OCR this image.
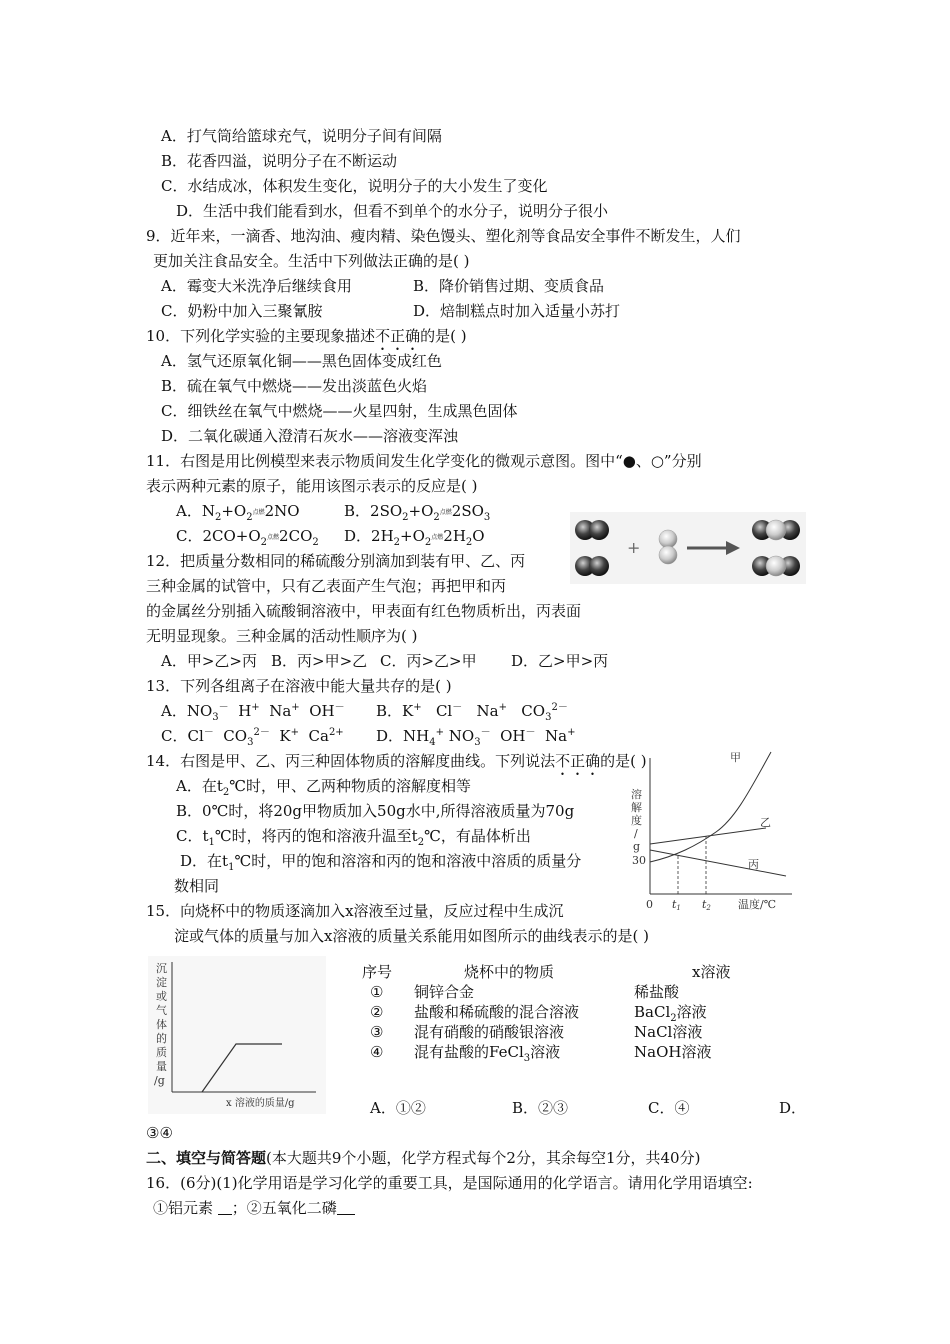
A．打气筒给篮球充气，说明分子间有间隔
B．花香四溢，说明分子在不断运动
C．水结成冰，体积发生变化，说明分子的大小发生了变化
D．生活中我们能看到水，但看不到单个的水分子，说明分子很小
9．近年来，一滴香、地沟油、瘦肉精、染色馒头、塑化剂等食品安全事件不断发生，人们
更加关注食品安全。生活中下列做法正确的是( )
A．霉变大米洗净后继续食用	B．降价销售过期、变质食品
C．奶粉中加入三聚氰胺	D．焙制糕点时加入适量小苏打
10．下列化学实验的主要现象描述不正确的是( )
A．氢气还原氧化铜——黑色固体变成红色
B．硫在氧气中燃烧——发出淡蓝色火焰
C．细铁丝在氧气中燃烧——火星四射，生成黑色固体
D．二氧化碳通入澄清石灰水——溶液变浑浊
11．右图是用比例模型来表示物质间发生化学变化的微观示意图。图中“●、○”分别
表示两种元素的原子，能用该图示表示的反应是( )
A．$N_2+O_2$点燃2NO	B．$2SO_2+O_2$点燃$2SO_3$
C．$2CO+O_2$点燃$2CO_2$ D．$2H_2+O_2$点燃$2H_2O$
+
12．把质量分数相同的稀硫酸分别滴加到装有甲、乙、丙
三种金属的试管中，只有乙表面产生气泡；再把甲和丙
的金属丝分别插入硫酸铜溶液中，甲表面有红色物质析出，丙表面
无明显现象。三种金属的活动性顺序为( )
A．甲>乙>丙 B．丙>甲>乙 C．丙>乙>甲 D．乙>甲>丙
13．下列各组离子在溶液中能大量共存的是( )
A．$NO_3^-$  H+  Na+  OH－ B．K+   Cl－   Na+   $CO_3^{2-}$
C．Cl－  $CO_3^{2-}$  K+  $Ca^{2+}$ D．$NH_4^+$ $NO_3^-$  OH－  Na+
14．右图是甲、乙、丙三种固体物质的溶解度曲线。下列说法不正确的是( )
A．在$t_2℃$时，甲、乙两种物质的溶解度相等
B．0℃时，将20g甲物质加入50g水中,所得溶液质量为70g
C．$t_1℃$时，将丙的饱和溶液升温至$t_2℃$，有晶体析出
D．在$t_1℃$时，甲的饱和溶溶和丙的饱和溶液中溶质的质量分
数相同
溶
解
度
/
g
30
0 t1 t2 温度/℃
甲
乙
丙
15．向烧杯中的物质逐滴加入x溶液至过量，反应过程中生成沉
淀或气体的质量与加入x溶液的质量关系能用如图所示的曲线表示的是( )
沉
淀
或
气
体
的
质
量
/g
x 溶液的质量/g
序号	烧杯中的物质	x溶液
① 铜锌合金	稀盐酸
② 盐酸和稀硫酸的混合溶液	BaCl$_2$溶液
③ 混有硝酸的硝酸银溶液	NaCl溶液
④ 混有盐酸的FeCl$_3$溶液	NaOH溶液
A．①②	B．②③	C．④	D．
③④
二、填空与简答题(本大题共9个小题，化学方程式每个2分，其余每空1分，共40分)
16．(6分)(1)化学用语是学习化学的重要工具，是国际通用的化学语言。请用化学用语填空:
①铝元素 ；②五氧化二磷
